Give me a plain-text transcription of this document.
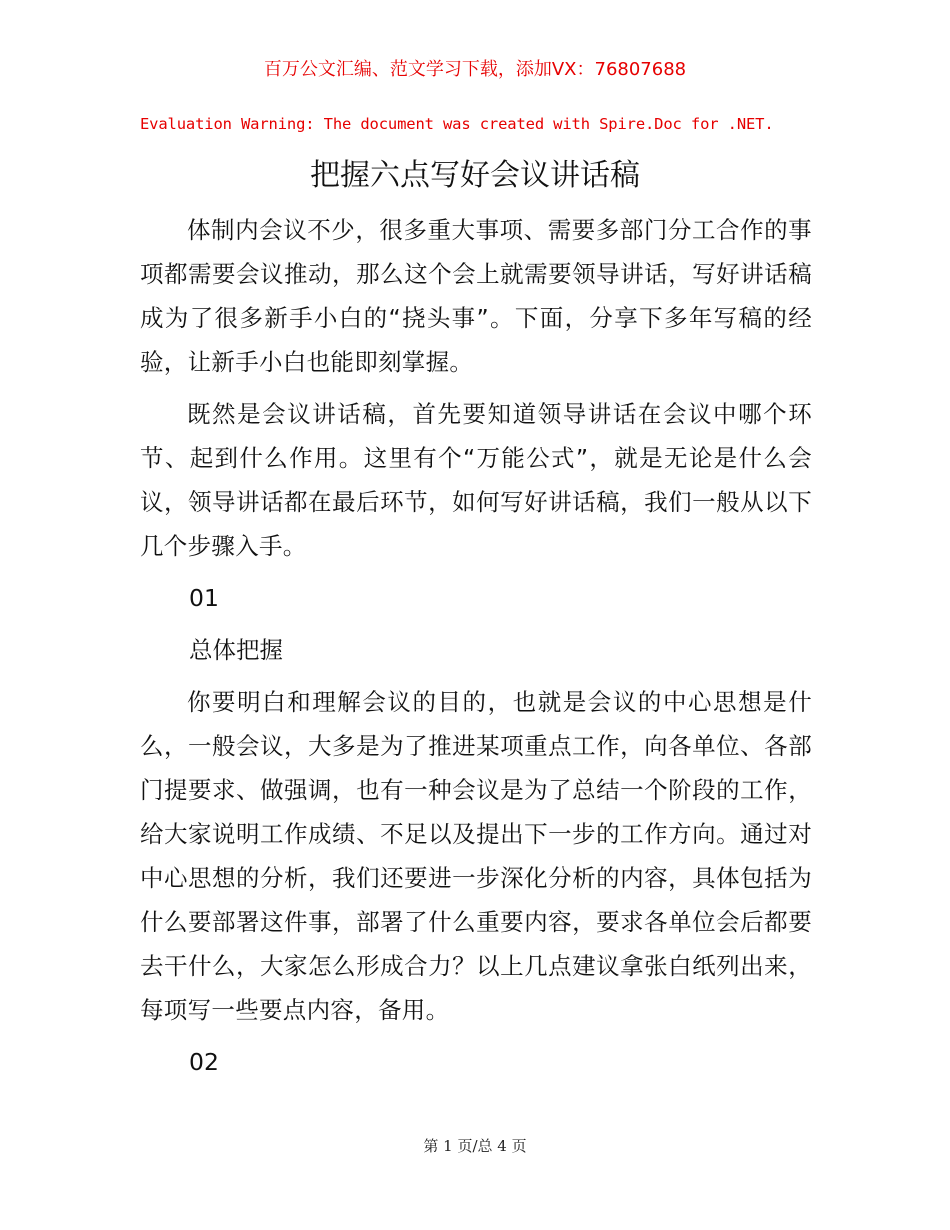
百万公文汇编、范文学习下载，添加VX：76807688
Evaluation Warning: The document was created with Spire.Doc for .NET.
把握六点写好会议讲话稿

体制内会议不少，很多重大事项、需要多部门分工合作的事项都需要会议推动，那么这个会上就需要领导讲话，写好讲话稿成为了很多新手小白的“挠头事”。下面，分享下多年写稿的经验，让新手小白也能即刻掌握。

既然是会议讲话稿，首先要知道领导讲话在会议中哪个环节、起到什么作用。这里有个“万能公式”，就是无论是什么会议，领导讲话都在最后环节，如何写好讲话稿，我们一般从以下几个步骤入手。

01

总体把握

你要明白和理解会议的目的，也就是会议的中心思想是什么，一般会议，大多是为了推进某项重点工作，向各单位、各部门提要求、做强调，也有一种会议是为了总结一个阶段的工作，给大家说明工作成绩、不足以及提出下一步的工作方向。通过对中心思想的分析，我们还要进一步深化分析的内容，具体包括为什么要部署这件事，部署了什么重要内容，要求各单位会后都要去干什么，大家怎么形成合力？以上几点建议拿张白纸列出来，每项写一些要点内容，备用。

02

第 1 页/总 4 页
